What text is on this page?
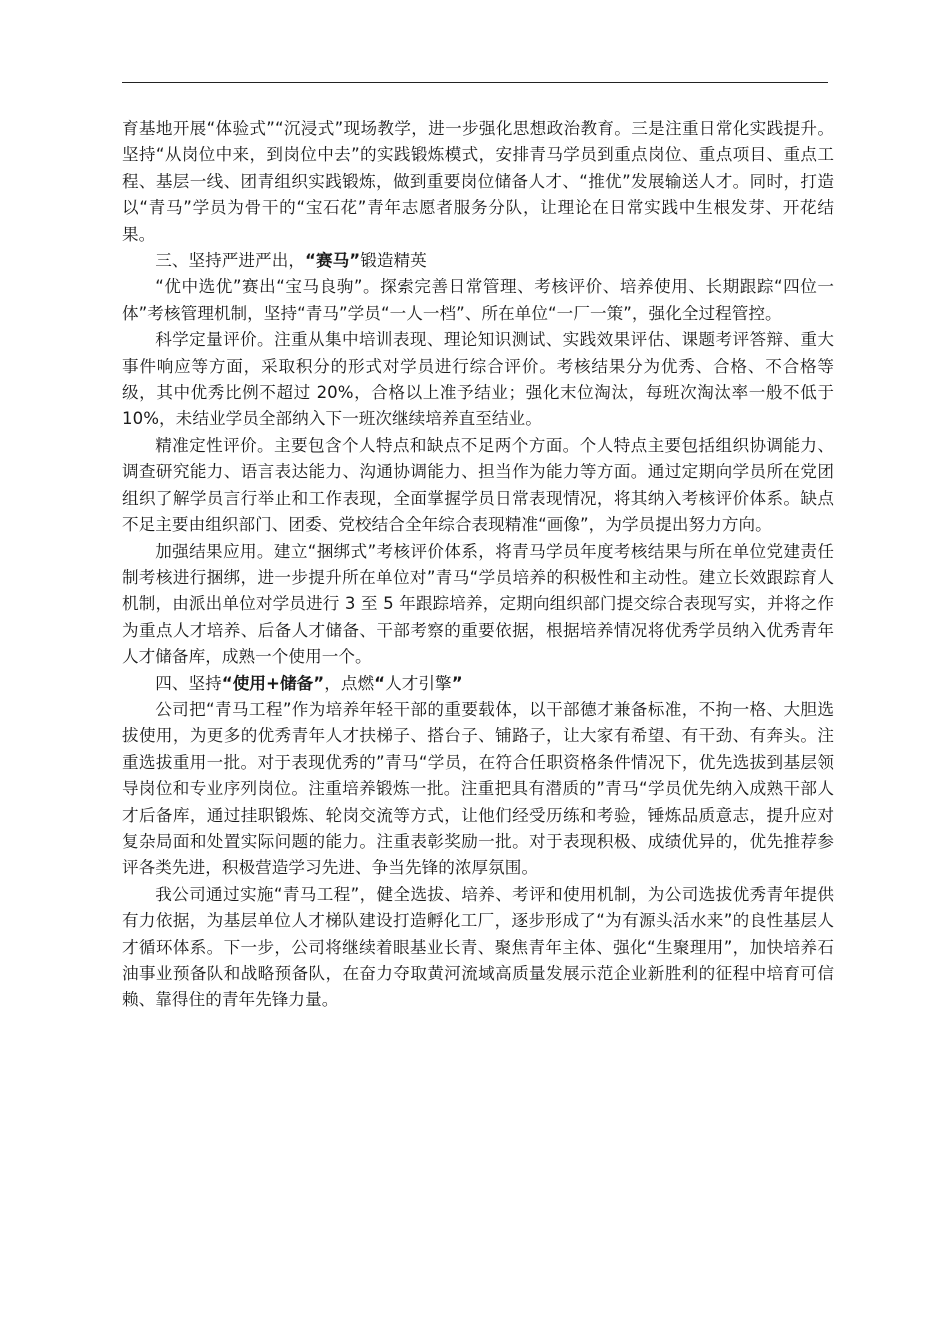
育基地开展“体验式”“沉浸式”现场教学，进一步强化思想政治教育。三是注重日常化实践提升。坚持“从岗位中来，到岗位中去”的实践锻炼模式，安排青马学员到重点岗位、重点项目、重点工程、基层一线、团青组织实践锻炼，做到重要岗位储备人才、“推优”发展输送人才。同时，打造以“青马”学员为骨干的“宝石花”青年志愿者服务分队，让理论在日常实践中生根发芽、开花结果。

三、坚持严进严出，“赛马”锻造精英

“优中选优”赛出“宝马良驹”。探索完善日常管理、考核评价、培养使用、长期跟踪“四位一体”考核管理机制，坚持“青马”学员“一人一档”、所在单位“一厂一策”，强化全过程管控。

科学定量评价。注重从集中培训表现、理论知识测试、实践效果评估、课题考评答辩、重大事件响应等方面，采取积分的形式对学员进行综合评价。考核结果分为优秀、合格、不合格等级，其中优秀比例不超过 20%，合格以上准予结业；强化末位淘汰，每班次淘汰率一般不低于 10%，未结业学员全部纳入下一班次继续培养直至结业。

精准定性评价。主要包含个人特点和缺点不足两个方面。个人特点主要包括组织协调能力、调查研究能力、语言表达能力、沟通协调能力、担当作为能力等方面。通过定期向学员所在党团组织了解学员言行举止和工作表现，全面掌握学员日常表现情况，将其纳入考核评价体系。缺点不足主要由组织部门、团委、党校结合全年综合表现精准“画像”，为学员提出努力方向。

加强结果应用。建立“捆绑式”考核评价体系，将青马学员年度考核结果与所在单位党建责任制考核进行捆绑，进一步提升所在单位对”青马“学员培养的积极性和主动性。建立长效跟踪育人机制，由派出单位对学员进行 3 至 5 年跟踪培养，定期向组织部门提交综合表现写实，并将之作为重点人才培养、后备人才储备、干部考察的重要依据，根据培养情况将优秀学员纳入优秀青年人才储备库，成熟一个使用一个。

四、坚持“使用+储备”，点燃“人才引擎”

公司把“青马工程”作为培养年轻干部的重要载体，以干部德才兼备标准，不拘一格、大胆选拔使用，为更多的优秀青年人才扶梯子、搭台子、铺路子，让大家有希望、有干劲、有奔头。注重选拔重用一批。对于表现优秀的”青马“学员，在符合任职资格条件情况下，优先选拔到基层领导岗位和专业序列岗位。注重培养锻炼一批。注重把具有潜质的”青马“学员优先纳入成熟干部人才后备库，通过挂职锻炼、轮岗交流等方式，让他们经受历练和考验，锤炼品质意志，提升应对复杂局面和处置实际问题的能力。注重表彰奖励一批。对于表现积极、成绩优异的，优先推荐参评各类先进，积极营造学习先进、争当先锋的浓厚氛围。

我公司通过实施“青马工程”，健全选拔、培养、考评和使用机制，为公司选拔优秀青年提供有力依据，为基层单位人才梯队建设打造孵化工厂，逐步形成了“为有源头活水来”的良性基层人才循环体系。下一步，公司将继续着眼基业长青、聚焦青年主体、强化“生聚理用”，加快培养石油事业预备队和战略预备队，在奋力夺取黄河流域高质量发展示范企业新胜利的征程中培育可信赖、靠得住的青年先锋力量。
